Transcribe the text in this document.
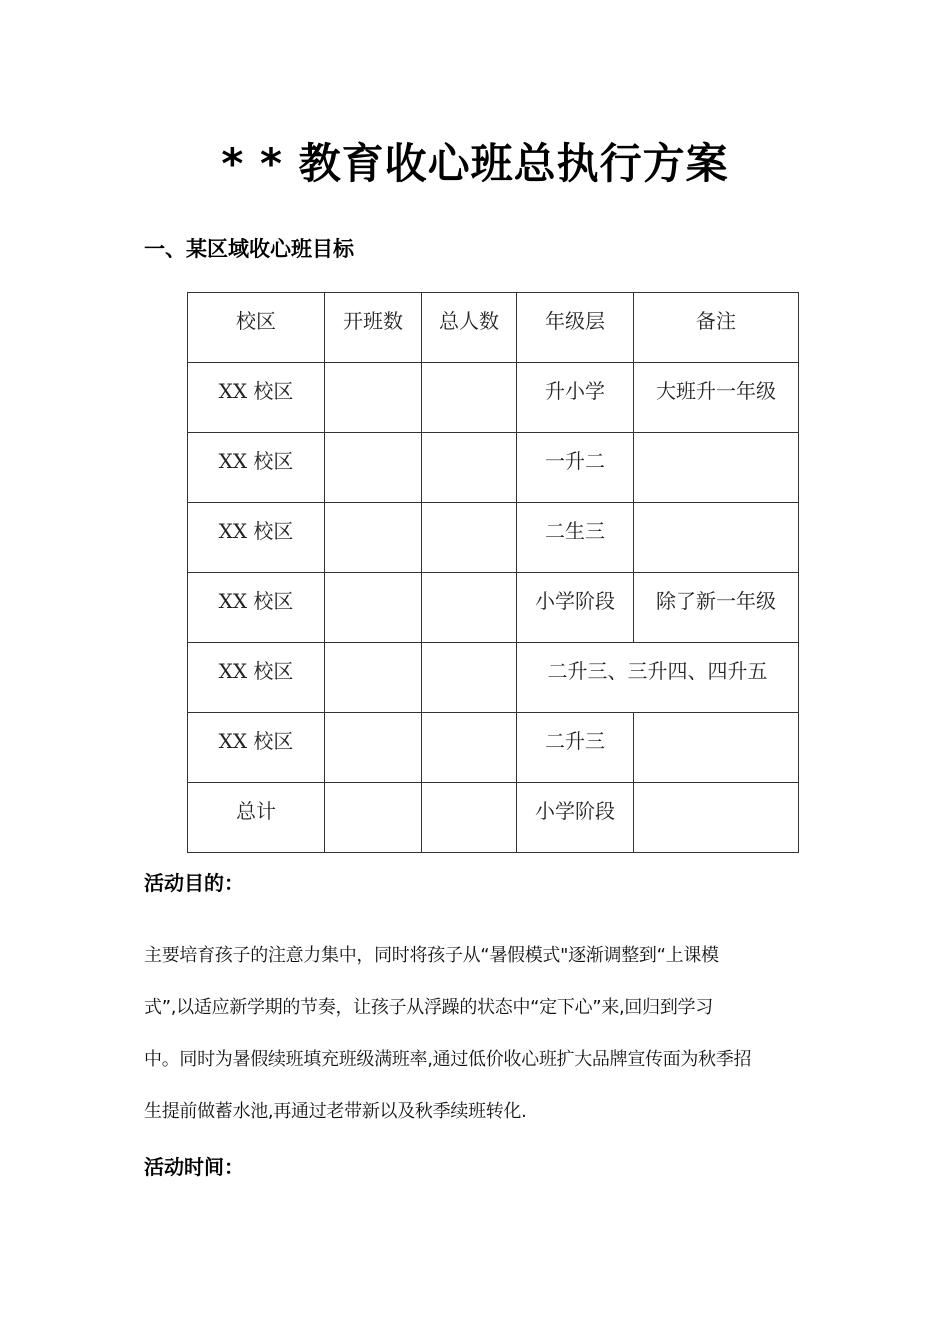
* * 教育收心班总执行方案
一、某区域收心班目标
校区	开班数	总人数	年级层	备注
XX 校区			升小学	大班升一年级
XX 校区			一升二	
XX 校区			二生三	
XX 校区			小学阶段	除了新一年级
XX 校区			二升三、三升四、四升五	
XX 校区			二升三	
总计			小学阶段	
活动目的：

主要培育孩子的注意力集中，同时将孩子从“暑假模式"逐渐调整到“上课模

式”,以适应新学期的节奏，让孩子从浮躁的状态中“定下心”来,回归到学习

中。同时为暑假续班填充班级满班率,通过低价收心班扩大品牌宣传面为秋季招

生提前做蓄水池,再通过老带新以及秋季续班转化.

活动时间：
